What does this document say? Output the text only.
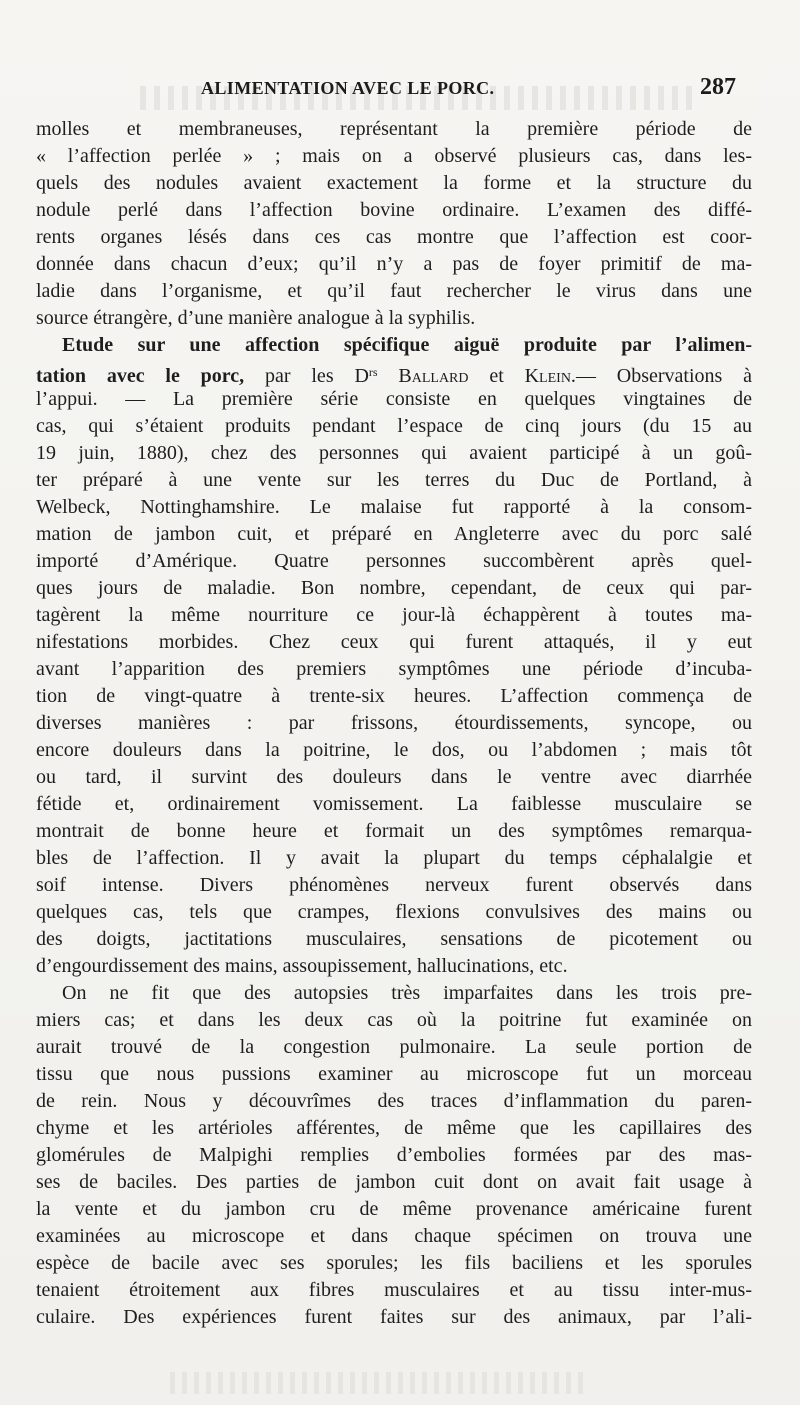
ALIMENTATION AVEC LE PORC.	287
molles et membraneuses, représentant la première période de
« l’affection perlée » ; mais on a observé plusieurs cas, dans les-
quels des nodules avaient exactement la forme et la structure du
nodule perlé dans l’affection bovine ordinaire. L’examen des diffé-
rents organes lésés dans ces cas montre que l’affection est coor-
donnée dans chacun d’eux; qu’il n’y a pas de foyer primitif de ma-
ladie dans l’organisme, et qu’il faut rechercher le virus dans une
source étrangère, d’une manière analogue à la syphilis.
Etude sur une affection spécifique aiguë produite par l’alimen-
tation avec le porc, par les $D^{rs}$ Ballard et Klein.— Observations à
l’appui. — La première série consiste en quelques vingtaines de
cas, qui s’étaient produits pendant l’espace de cinq jours (du 15 au
19 juin, 1880), chez des personnes qui avaient participé à un goû-
ter préparé à une vente sur les terres du Duc de Portland, à
Welbeck, Nottinghamshire. Le malaise fut rapporté à la consom-
mation de jambon cuit, et préparé en Angleterre avec du porc salé
importé d’Amérique. Quatre personnes succombèrent après quel-
ques jours de maladie. Bon nombre, cependant, de ceux qui par-
tagèrent la même nourriture ce jour-là échappèrent à toutes ma-
nifestations morbides. Chez ceux qui furent attaqués, il y eut
avant l’apparition des premiers symptômes une période d’incuba-
tion de vingt-quatre à trente-six heures. L’affection commença de
diverses manières : par frissons, étourdissements, syncope, ou
encore douleurs dans la poitrine, le dos, ou l’abdomen ; mais tôt
ou tard, il survint des douleurs dans le ventre avec diarrhée
fétide et, ordinairement vomissement. La faiblesse musculaire se
montrait de bonne heure et formait un des symptômes remarqua-
bles de l’affection. Il y avait la plupart du temps céphalalgie et
soif intense. Divers phénomènes nerveux furent observés dans
quelques cas, tels que crampes, flexions convulsives des mains ou
des doigts, jactitations musculaires, sensations de picotement ou
d’engourdissement des mains, assoupissement, hallucinations, etc.
On ne fit que des autopsies très imparfaites dans les trois pre-
miers cas; et dans les deux cas où la poitrine fut examinée on
aurait trouvé de la congestion pulmonaire. La seule portion de
tissu que nous pussions examiner au microscope fut un morceau
de rein. Nous y découvrîmes des traces d’inflammation du paren-
chyme et les artérioles afférentes, de même que les capillaires des
glomérules de Malpighi remplies d’embolies formées par des mas-
ses de baciles. Des parties de jambon cuit dont on avait fait usage à
la vente et du jambon cru de même provenance américaine furent
examinées au microscope et dans chaque spécimen on trouva une
espèce de bacile avec ses sporules; les fils baciliens et les sporules
tenaient étroitement aux fibres musculaires et au tissu inter-mus-
culaire. Des expériences furent faites sur des animaux, par l’ali-
